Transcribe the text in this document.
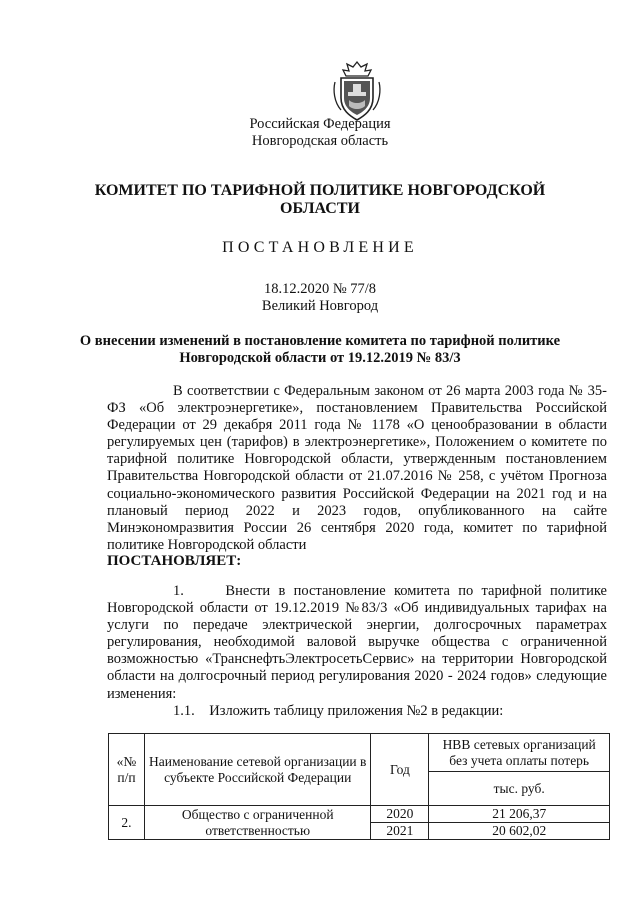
Российская Федерация
Новгородская область
КОМИТЕТ ПО ТАРИФНОЙ ПОЛИТИКЕ НОВГОРОДСКОЙ
ОБЛАСТИ
ПОСТАНОВЛЕНИЕ
18.12.2020 № 77/8
Великий Новгород
О внесении изменений в постановление комитета по тарифной политике
Новгородской области от 19.12.2019 № 83/3
В соответствии с Федеральным законом от 26 марта 2003 года № 35-ФЗ «Об электроэнергетике», постановлением Правительства Российской Федерации от 29 декабря 2011 года № 1178 «О ценообразовании в области регулируемых цен (тарифов) в электроэнергетике», Положением о комитете по тарифной политике Новгородской области, утвержденным постановлением Правительства Новгородской области от 21.07.2016 № 258, с учётом Прогноза социально-экономического развития Российской Федерации на 2021 год и на плановый период 2022 и 2023 годов, опубликованного на сайте Минэкономразвития России 26 сентября 2020 года, комитет по тарифной политике Новгородской области
ПОСТАНОВЛЯЕТ:
1.     Внести в постановление комитета по тарифной политике Новгородской области от 19.12.2019 №83/3 «Об индивидуальных тарифах на услуги по передаче электрической энергии, долгосрочных параметрах регулирования, необходимой валовой выручке общества с ограниченной возможностью «ТранснефтьЭлектросетьСервис» на территории Новгородской области на долгосрочный период регулирования 2020 - 2024 годов» следующие изменения:
1.1.    Изложить таблицу приложения №2 в редакции:
«№ п/п	Наименование сетевой организации в субъекте Российской Федерации	Год	НВВ сетевых организаций без учета оплаты потерь
			тыс. руб.
2.	Общество с ограниченной ответственностью	2020	21 206,37
		2021	20 602,02
